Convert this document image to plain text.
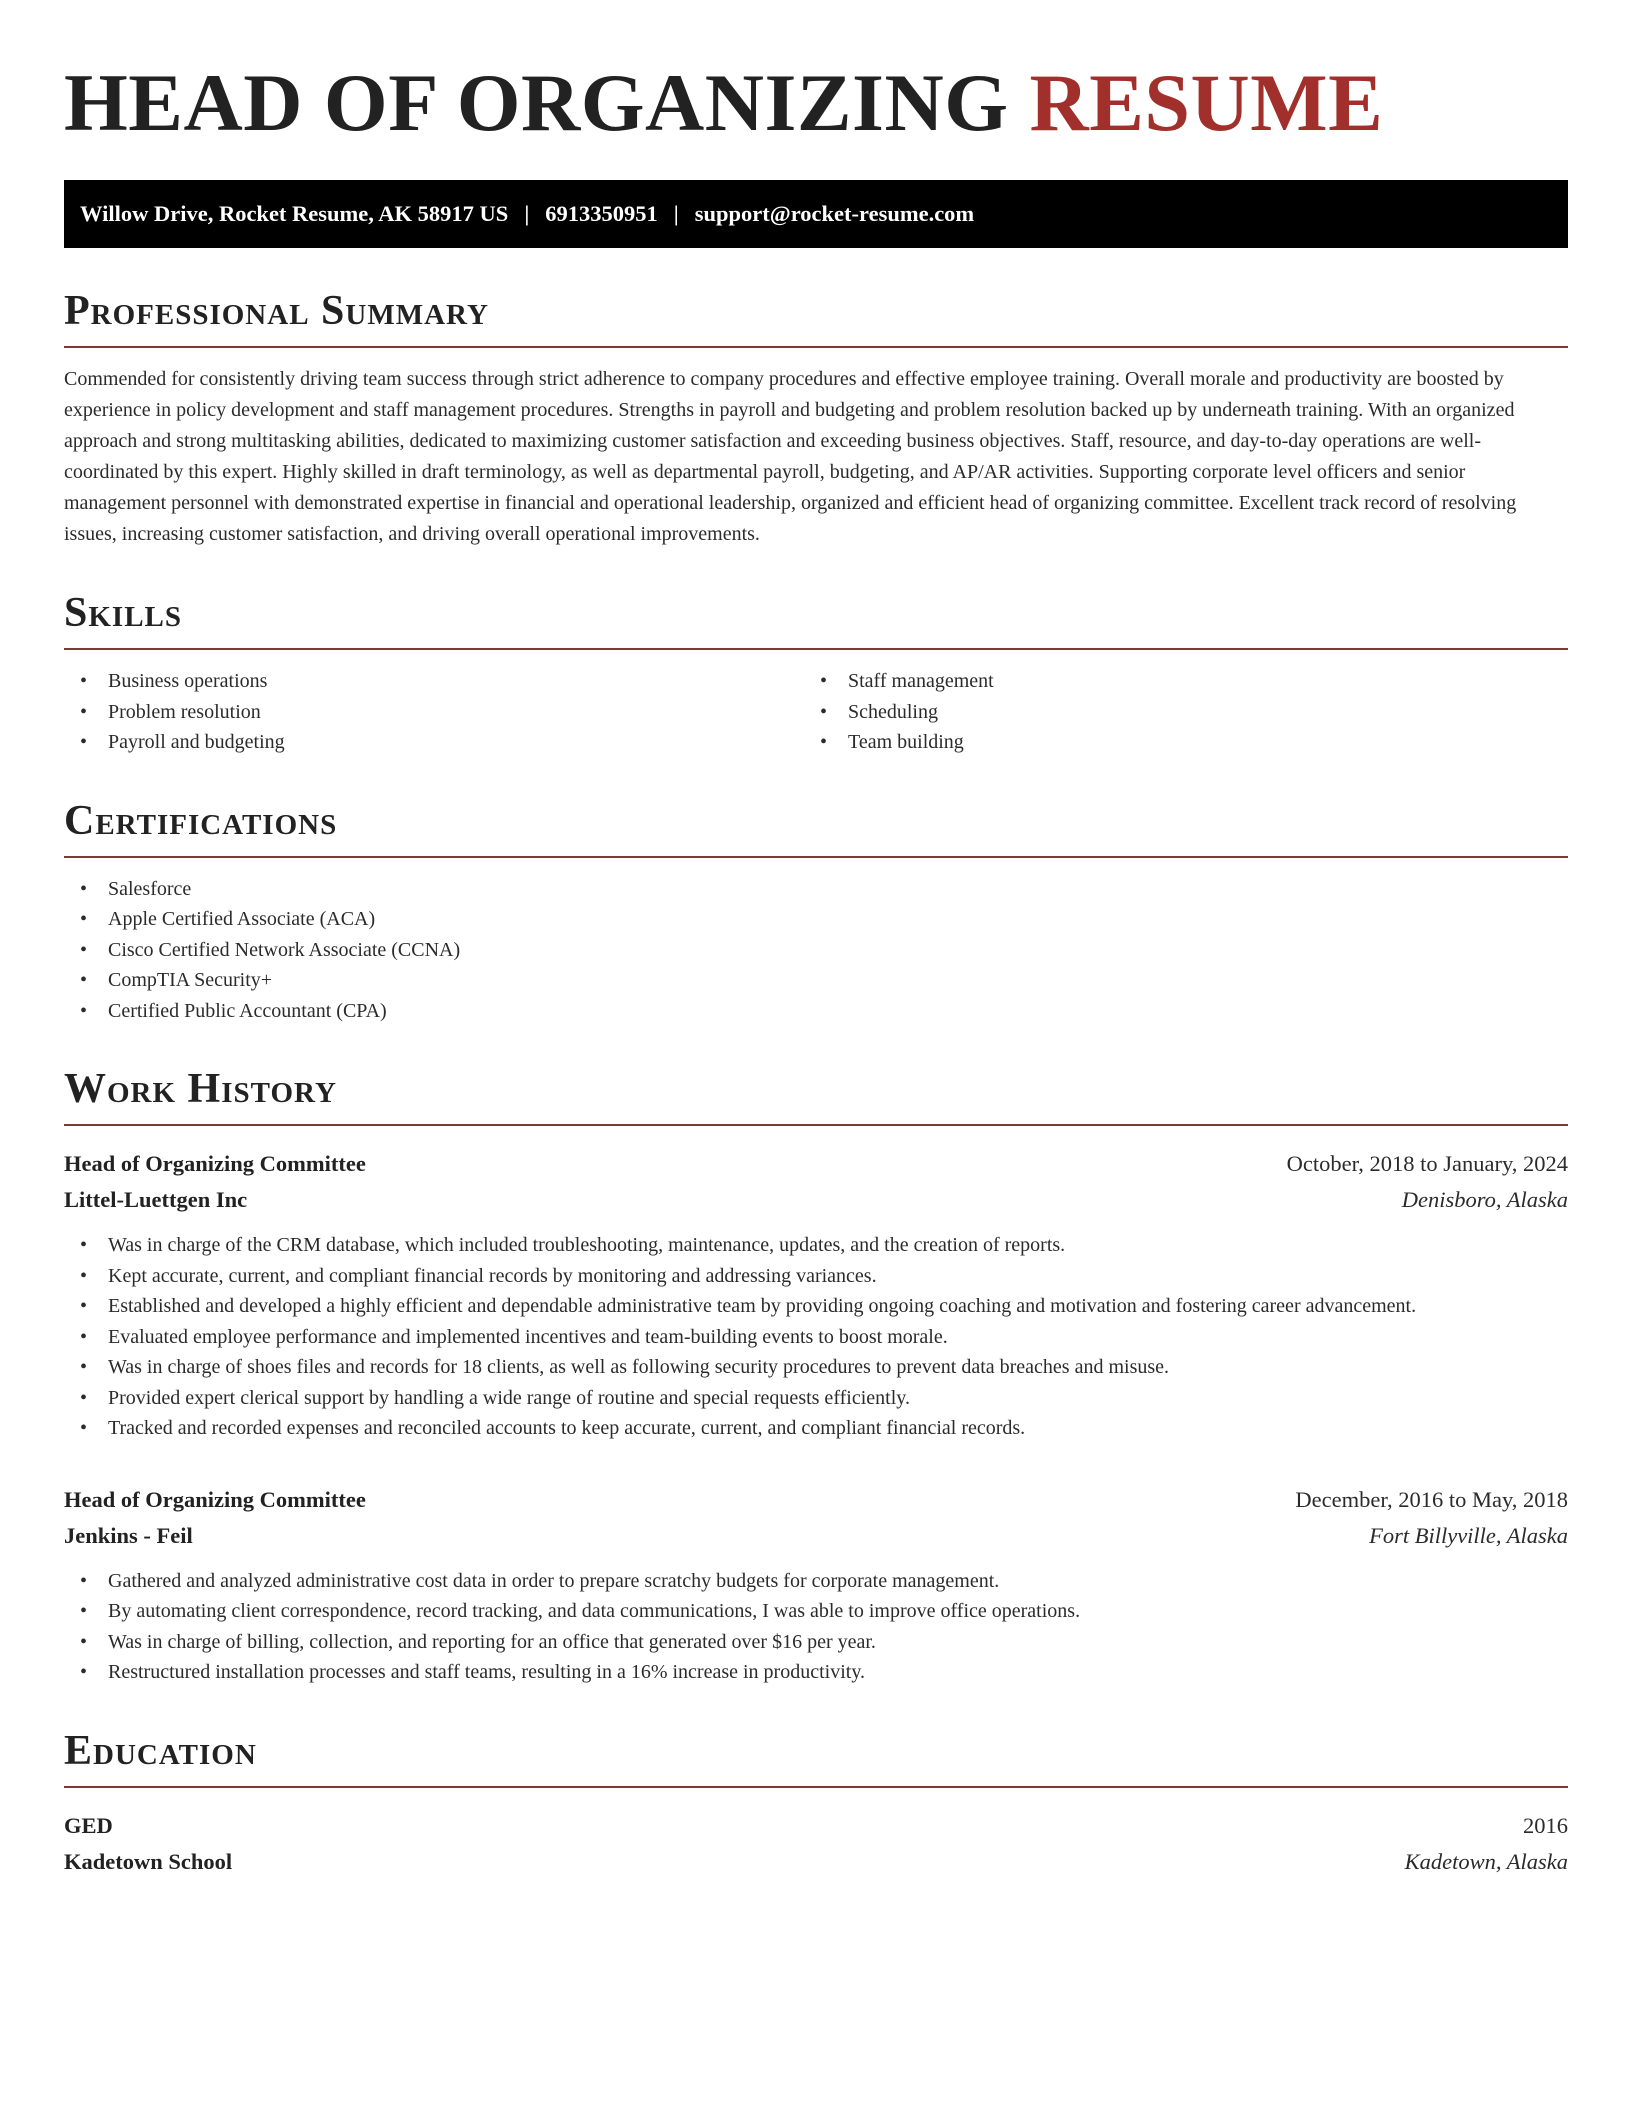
HEAD OF ORGANIZING RESUME
Willow Drive, Rocket Resume, AK 58917 US | 6913350951 | support@rocket-resume.com
Professional Summary

Commended for consistently driving team success through strict adherence to company procedures and effective employee training. Overall morale and productivity are boosted by experience in policy development and staff management procedures. Strengths in payroll and budgeting and problem resolution backed up by underneath training. With an organized approach and strong multitasking abilities, dedicated to maximizing customer satisfaction and exceeding business objectives. Staff, resource, and day-to-day operations are well-coordinated by this expert. Highly skilled in draft terminology, as well as departmental payroll, budgeting, and AP/AR activities. Supporting corporate level officers and senior management personnel with demonstrated expertise in financial and operational leadership, organized and efficient head of organizing committee. Excellent track record of resolving issues, increasing customer satisfaction, and driving overall operational improvements.

Skills
• Business operations
• Problem resolution
• Payroll and budgeting
• Staff management
• Scheduling
• Team building
Certifications
• Salesforce
• Apple Certified Associate (ACA)
• Cisco Certified Network Associate (CCNA)
• CompTIA Security+
• Certified Public Accountant (CPA)
Work History
Head of Organizing Committee	October, 2018 to January, 2024
Littel-Luettgen Inc	Denisboro, Alaska
• Was in charge of the CRM database, which included troubleshooting, maintenance, updates, and the creation of reports.
• Kept accurate, current, and compliant financial records by monitoring and addressing variances.
• Established and developed a highly efficient and dependable administrative team by providing ongoing coaching and motivation and fostering career advancement.
• Evaluated employee performance and implemented incentives and team-building events to boost morale.
• Was in charge of shoes files and records for 18 clients, as well as following security procedures to prevent data breaches and misuse.
• Provided expert clerical support by handling a wide range of routine and special requests efficiently.
• Tracked and recorded expenses and reconciled accounts to keep accurate, current, and compliant financial records.
Head of Organizing Committee	December, 2016 to May, 2018
Jenkins - Feil	Fort Billyville, Alaska
• Gathered and analyzed administrative cost data in order to prepare scratchy budgets for corporate management.
• By automating client correspondence, record tracking, and data communications, I was able to improve office operations.
• Was in charge of billing, collection, and reporting for an office that generated over $16 per year.
• Restructured installation processes and staff teams, resulting in a 16% increase in productivity.
Education
GED	2016
Kadetown School	Kadetown, Alaska
